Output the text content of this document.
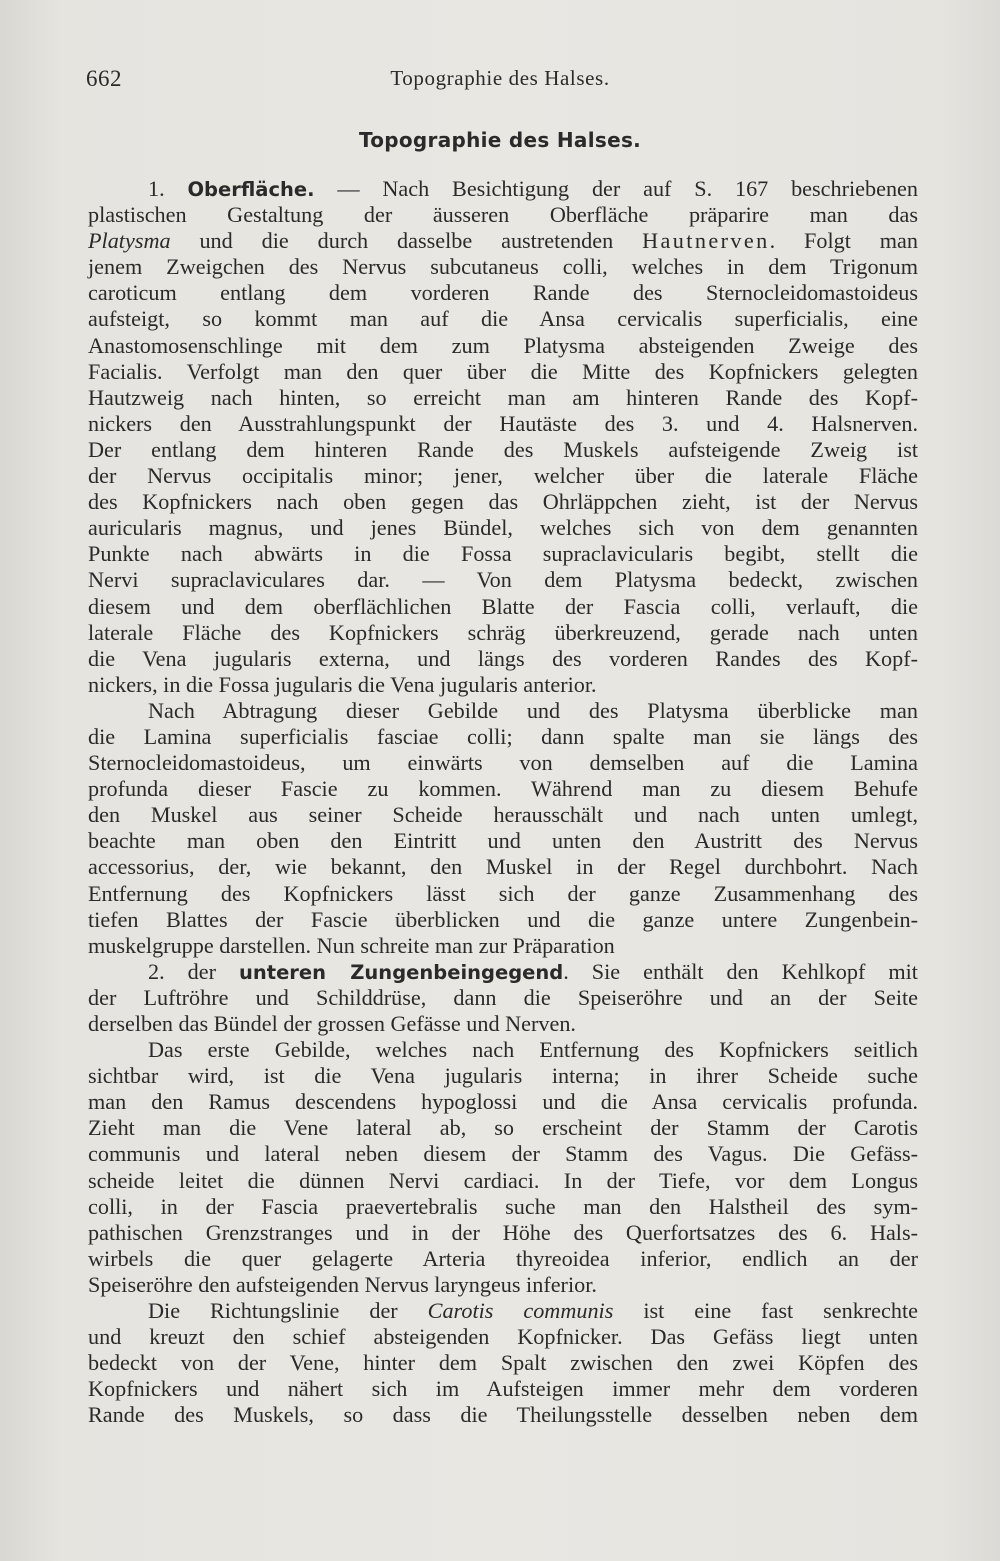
662	Topographie des Halses.
Topographie des Halses.
1. Oberfläche. — Nach Besichtigung der auf S. 167 beschriebenen
plastischen Gestaltung der äusseren Oberfläche präparire man das
Platysma und die durch dasselbe austretenden Hautnerven. Folgt man
jenem Zweigchen des Nervus subcutaneus colli, welches in dem Trigonum
caroticum entlang dem vorderen Rande des Sternocleidomastoideus
aufsteigt, so kommt man auf die Ansa cervicalis superficialis, eine
Anastomosenschlinge mit dem zum Platysma absteigenden Zweige des
Facialis. Verfolgt man den quer über die Mitte des Kopfnickers gelegten
Hautzweig nach hinten, so erreicht man am hinteren Rande des Kopf-
nickers den Ausstrahlungspunkt der Hautäste des 3. und 4. Halsnerven.
Der entlang dem hinteren Rande des Muskels aufsteigende Zweig ist
der Nervus occipitalis minor; jener, welcher über die laterale Fläche
des Kopfnickers nach oben gegen das Ohrläppchen zieht, ist der Nervus
auricularis magnus, und jenes Bündel, welches sich von dem genannten
Punkte nach abwärts in die Fossa supraclavicularis begibt, stellt die
Nervi supraclaviculares dar. — Von dem Platysma bedeckt, zwischen
diesem und dem oberflächlichen Blatte der Fascia colli, verlauft, die
laterale Fläche des Kopfnickers schräg überkreuzend, gerade nach unten
die Vena jugularis externa, und längs des vorderen Randes des Kopf-
nickers, in die Fossa jugularis die Vena jugularis anterior.
Nach Abtragung dieser Gebilde und des Platysma überblicke man
die Lamina superficialis fasciae colli; dann spalte man sie längs des
Sternocleidomastoideus, um einwärts von demselben auf die Lamina
profunda dieser Fascie zu kommen. Während man zu diesem Behufe
den Muskel aus seiner Scheide herausschält und nach unten umlegt,
beachte man oben den Eintritt und unten den Austritt des Nervus
accessorius, der, wie bekannt, den Muskel in der Regel durchbohrt. Nach
Entfernung des Kopfnickers lässt sich der ganze Zusammenhang des
tiefen Blattes der Fascie überblicken und die ganze untere Zungenbein-
muskelgruppe darstellen. Nun schreite man zur Präparation
2. der unteren Zungenbeingegend. Sie enthält den Kehlkopf mit
der Luftröhre und Schilddrüse, dann die Speiseröhre und an der Seite
derselben das Bündel der grossen Gefässe und Nerven.
Das erste Gebilde, welches nach Entfernung des Kopfnickers seitlich
sichtbar wird, ist die Vena jugularis interna; in ihrer Scheide suche
man den Ramus descendens hypoglossi und die Ansa cervicalis profunda.
Zieht man die Vene lateral ab, so erscheint der Stamm der Carotis
communis und lateral neben diesem der Stamm des Vagus. Die Gefäss-
scheide leitet die dünnen Nervi cardiaci. In der Tiefe, vor dem Longus
colli, in der Fascia praevertebralis suche man den Halstheil des sym-
pathischen Grenzstranges und in der Höhe des Querfortsatzes des 6. Hals-
wirbels die quer gelagerte Arteria thyreoidea inferior, endlich an der
Speiseröhre den aufsteigenden Nervus laryngeus inferior.
Die Richtungslinie der Carotis communis ist eine fast senkrechte
und kreuzt den schief absteigenden Kopfnicker. Das Gefäss liegt unten
bedeckt von der Vene, hinter dem Spalt zwischen den zwei Köpfen des
Kopfnickers und nähert sich im Aufsteigen immer mehr dem vorderen
Rande des Muskels, so dass die Theilungsstelle desselben neben dem
